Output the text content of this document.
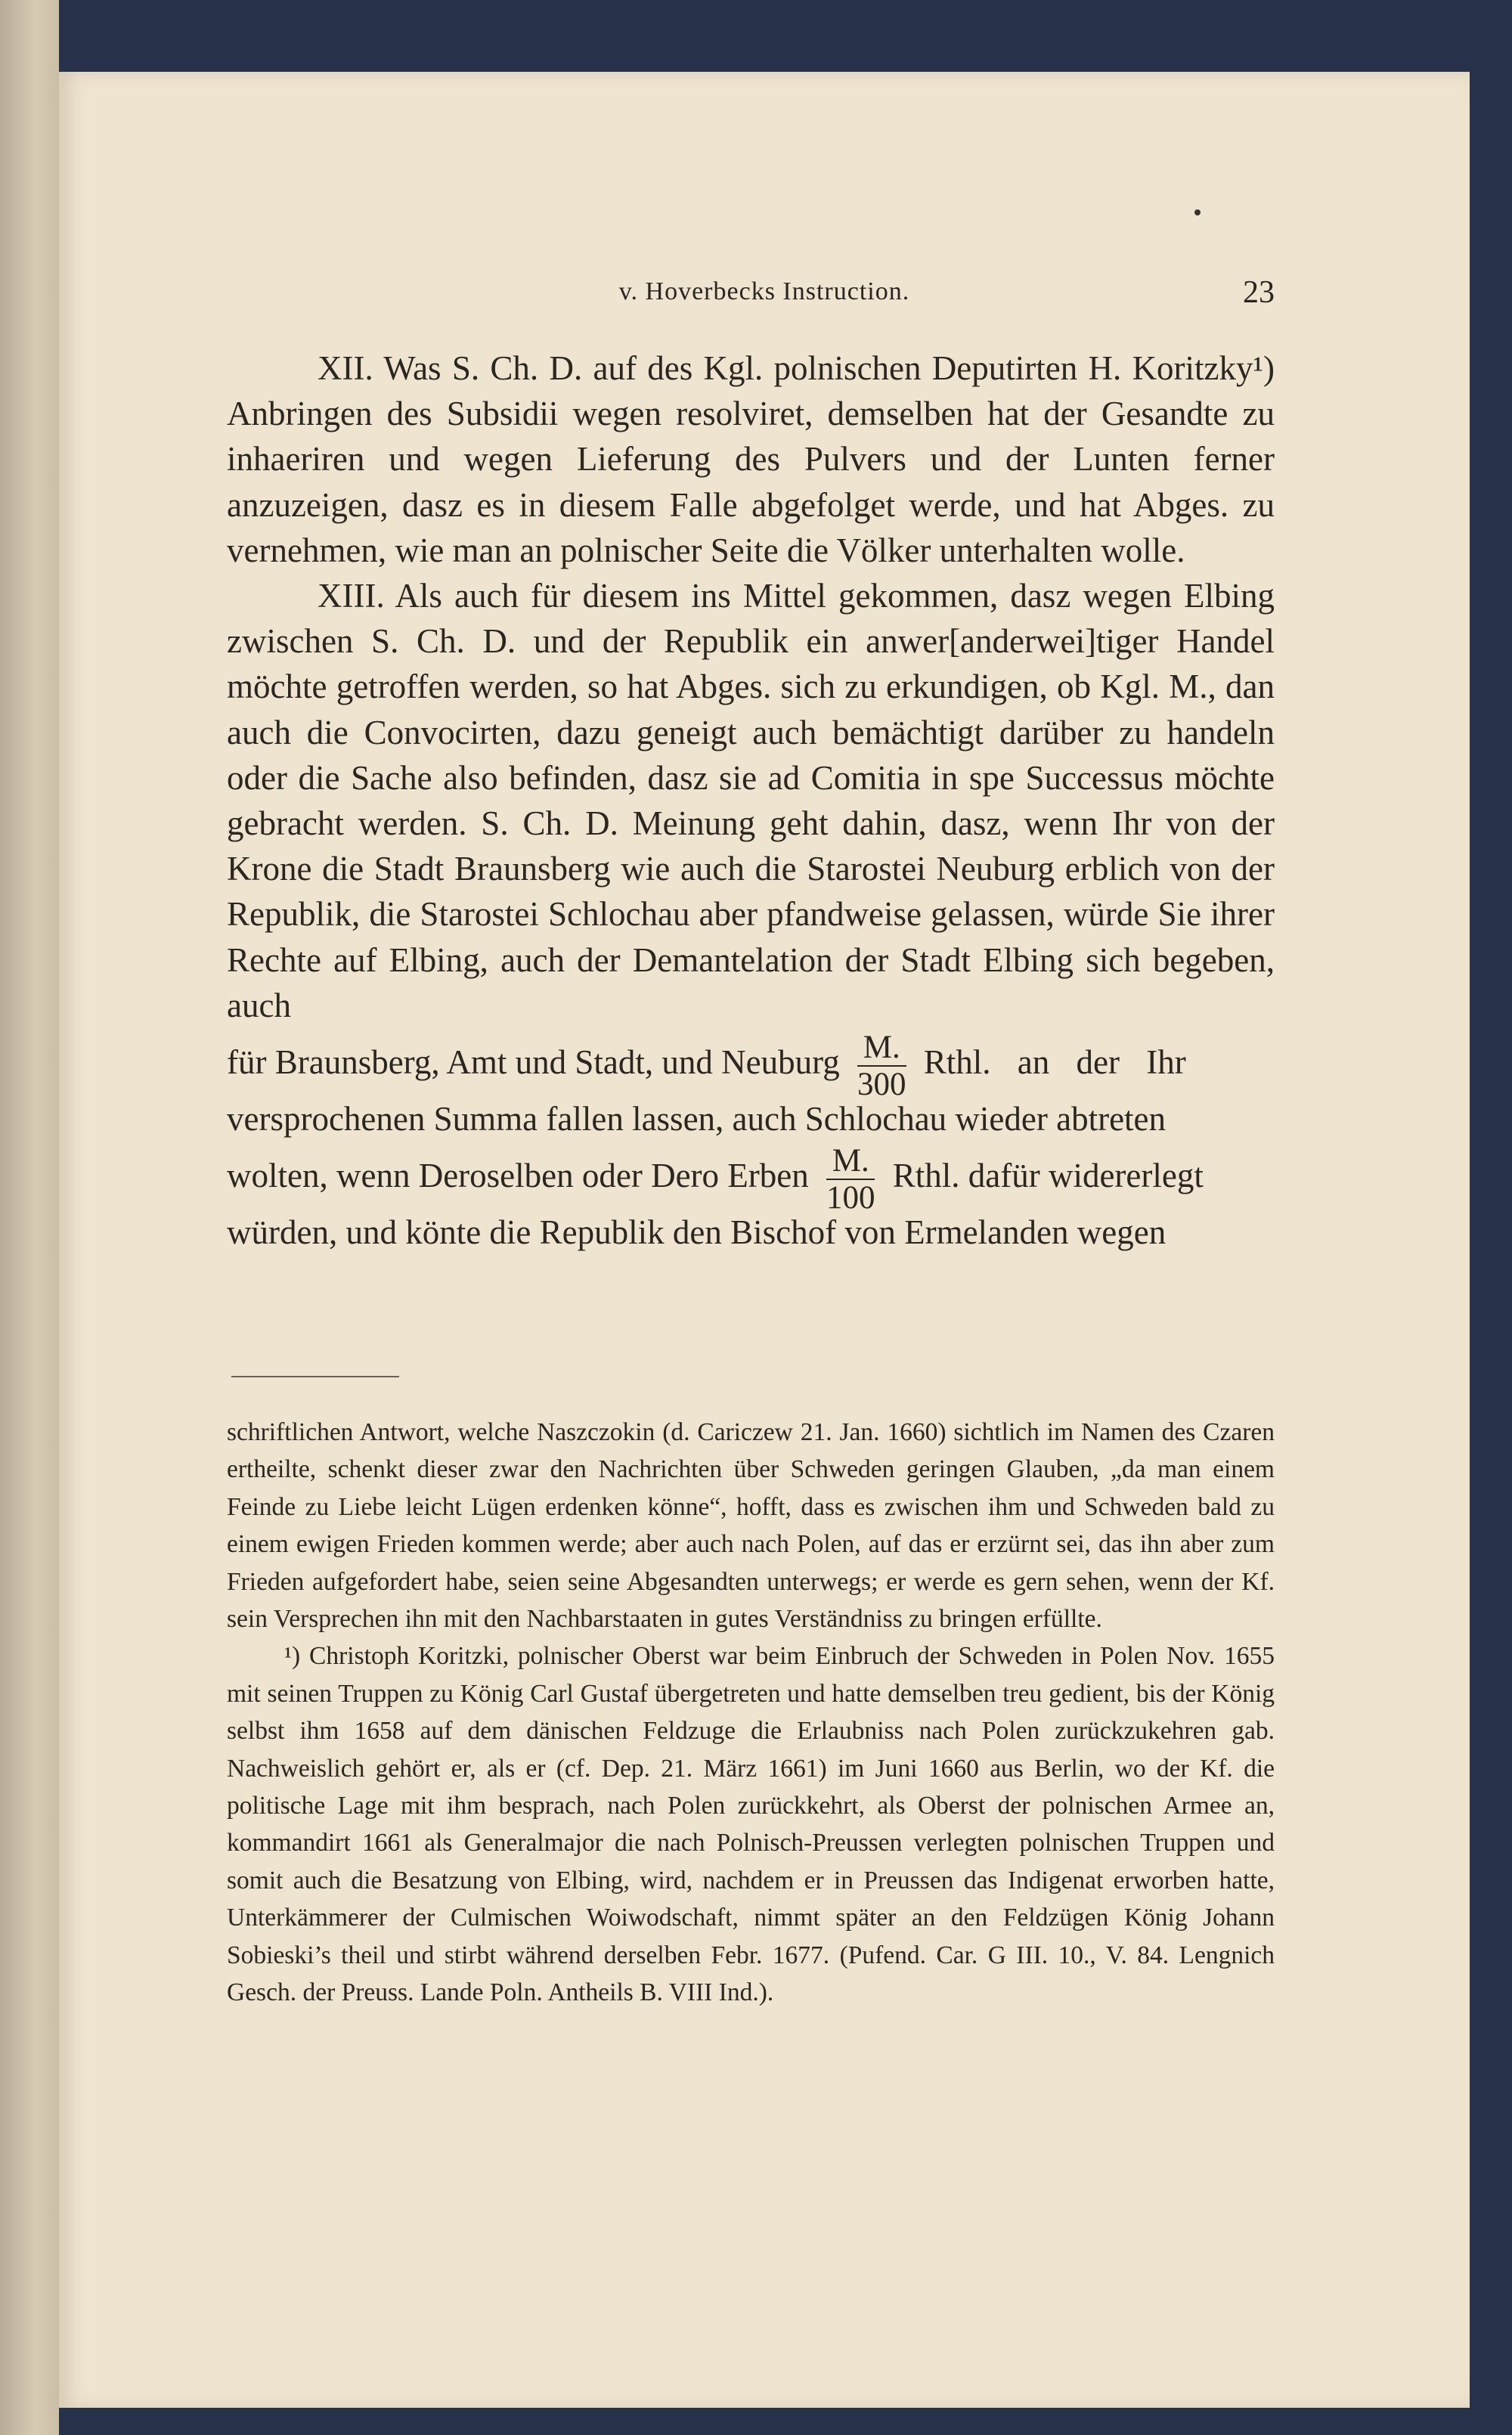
v. Hoverbecks Instruction.	23

XII. Was S. Ch. D. auf des Kgl. polnischen Deputirten H. Koritzky¹) Anbringen des Subsidii wegen resolviret, demselben hat der Gesandte zu inhaeriren und wegen Lieferung des Pulvers und der Lunten ferner anzuzeigen, dasz es in diesem Falle abgefolget werde, und hat Abges. zu vernehmen, wie man an polnischer Seite die Völker unterhalten wolle.

XIII. Als auch für diesem ins Mittel gekommen, dasz wegen Elbing zwischen S. Ch. D. und der Republik ein anwer[anderwei]tiger Handel möchte getroffen werden, so hat Abges. sich zu erkundigen, ob Kgl. M., dan auch die Convocirten, dazu geneigt auch bemächtigt darüber zu handeln oder die Sache also befinden, dasz sie ad Comitia in spe Successus möchte gebracht werden. S. Ch. D. Meinung geht dahin, dasz, wenn Ihr von der Krone die Stadt Braunsberg wie auch die Starostei Neuburg erblich von der Republik, die Starostei Schlochau aber pfandweise gelassen, würde Sie ihrer Rechte auf Elbing, auch der Demantelation der Stadt Elbing sich begeben, auch
für Braunsberg, Amt und Stadt, und Neuburg $\frac{M.}{300}$ Rthl. an der Ihr
versprochenen Summa fallen lassen, auch Schlochau wieder abtreten
wolten, wenn Deroselben oder Dero Erben $\frac{M.}{100}$ Rthl. dafür widererlegt
würden, und könte die Republik den Bischof von Ermelanden wegen

schriftlichen Antwort, welche Naszczokin (d. Cariczew 21. Jan. 1660) sichtlich im Namen des Czaren ertheilte, schenkt dieser zwar den Nachrichten über Schweden geringen Glauben, „da man einem Feinde zu Liebe leicht Lügen erdenken könne“, hofft, dass es zwischen ihm und Schweden bald zu einem ewigen Frieden kommen werde; aber auch nach Polen, auf das er erzürnt sei, das ihn aber zum Frieden aufgefordert habe, seien seine Abgesandten unterwegs; er werde es gern sehen, wenn der Kf. sein Versprechen ihn mit den Nachbarstaaten in gutes Verständniss zu bringen erfüllte.

¹) Christoph Koritzki, polnischer Oberst war beim Einbruch der Schweden in Polen Nov. 1655 mit seinen Truppen zu König Carl Gustaf übergetreten und hatte demselben treu gedient, bis der König selbst ihm 1658 auf dem dänischen Feldzuge die Erlaubniss nach Polen zurückzukehren gab. Nachweislich gehört er, als er (cf. Dep. 21. März 1661) im Juni 1660 aus Berlin, wo der Kf. die politische Lage mit ihm besprach, nach Polen zurückkehrt, als Oberst der polnischen Armee an, kommandirt 1661 als Generalmajor die nach Polnisch-Preussen verlegten polnischen Truppen und somit auch die Besatzung von Elbing, wird, nachdem er in Preussen das Indigenat erworben hatte, Unterkämmerer der Culmischen Woiwodschaft, nimmt später an den Feldzügen König Johann Sobieski’s theil und stirbt während derselben Febr. 1677. (Pufend. Car. G III. 10., V. 84. Lengnich Gesch. der Preuss. Lande Poln. Antheils B. VIII Ind.).
